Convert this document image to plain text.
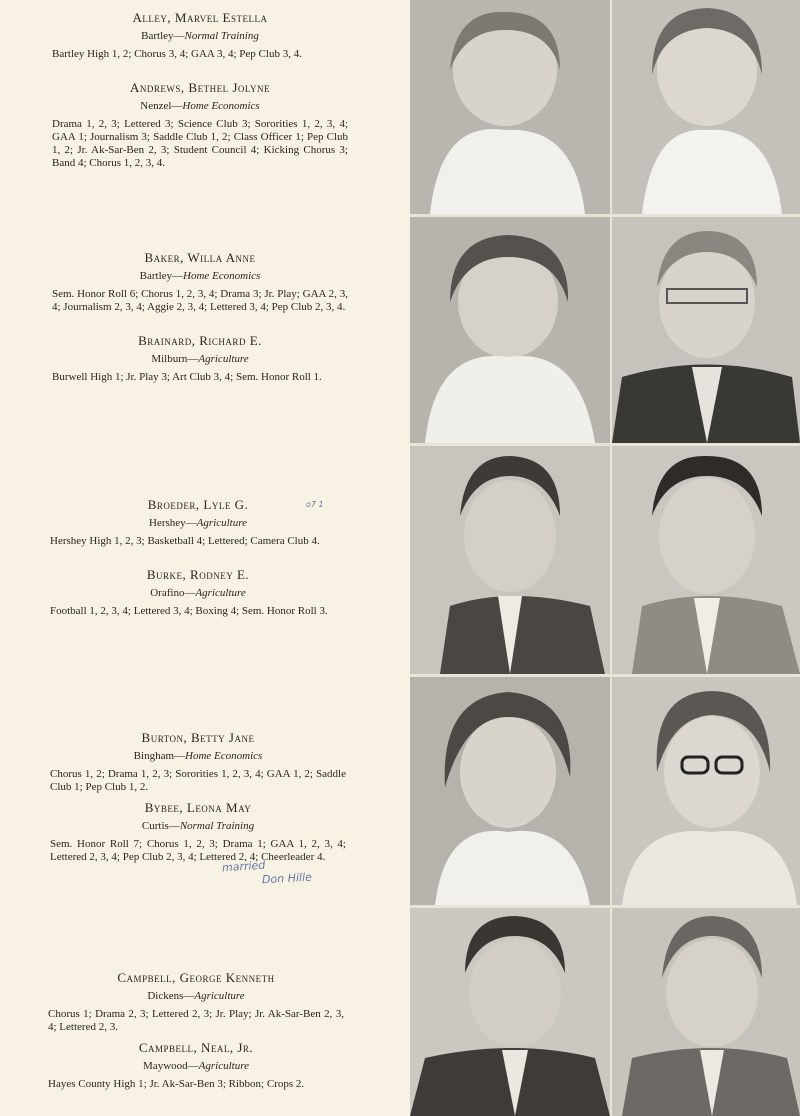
Alley, Marvel Estella
Bartley—Normal Training

Bartley High 1, 2; Chorus 3, 4; GAA 3, 4; Pep Club 3, 4.

Andrews, Bethel Jolyne
Nenzel—Home Economics

Drama 1, 2, 3; Lettered 3; Science Club 3; Sororities 1, 2, 3, 4; GAA 1; Journalism 3; Saddle Club 1, 2; Class Officer 1; Pep Club 1, 2; Jr. Ak-Sar-Ben 2, 3; Student Council 4; Kicking Chorus 3; Band 4; Chorus 1, 2, 3, 4.

Baker, Willa Anne
Bartley—Home Economics

Sem. Honor Roll 6; Chorus 1, 2, 3, 4; Drama 3; Jr. Play; GAA 2, 3, 4; Journalism 2, 3, 4; Aggie 2, 3, 4; Lettered 3, 4; Pep Club 2, 3, 4.

Brainard, Richard E.
Milburn—Agriculture

Burwell High 1; Jr. Play 3; Art Club 3, 4; Sem. Honor Roll 1.

Broeder, Lyle G.
Hershey—Agriculture

Hershey High 1, 2, 3; Basketball 4; Lettered; Camera Club 4.

Burke, Rodney E.
Orafino—Agriculture

Football 1, 2, 3, 4; Lettered 3, 4; Boxing 4; Sem. Honor Roll 3.

Burton, Betty Jane
Bingham—Home Economics

Chorus 1, 2; Drama 1, 2, 3; Sororities 1, 2, 3, 4; GAA 1, 2; Saddle Club 1; Pep Club 1, 2.

Bybee, Leona May
Curtis—Normal Training

Sem. Honor Roll 7; Chorus 1, 2, 3; Drama 1; GAA 1, 2, 3, 4; Lettered 2, 3, 4; Pep Club 2, 3, 4; Lettered 2, 4; Cheerleader 4.

Campbell, George Kenneth
Dickens—Agriculture

Chorus 1; Drama 2, 3; Lettered 2, 3; Jr. Play; Jr. Ak-Sar-Ben 2, 3, 4; Lettered 2, 3.

Campbell, Neal, Jr.
Maywood—Agriculture

Hayes County High 1; Jr. Ak-Sar-Ben 3; Ribbon; Crops 2.

o7 1
married
Don Hille
